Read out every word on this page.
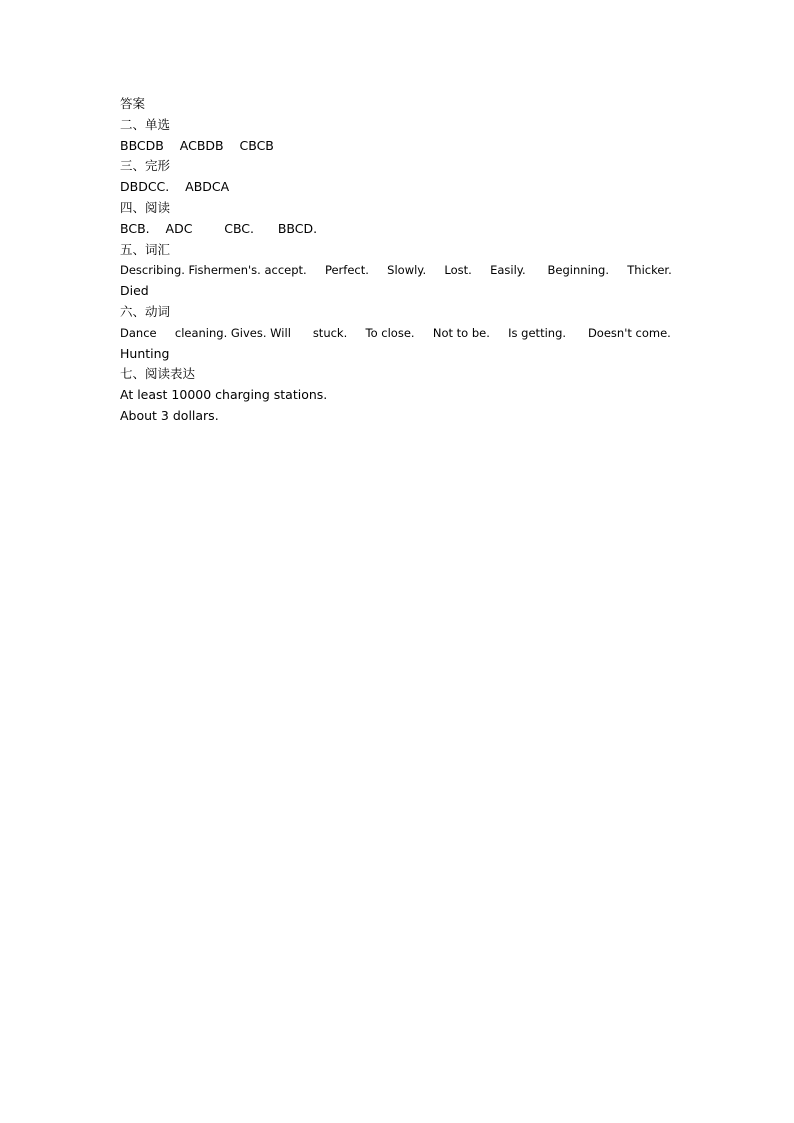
答案
二、单选
BBCDB    ACBDB    CBCB
三、完形
DBDCC.    ABDCA
四、阅读
BCB.    ADC        CBC.      BBCD.
五、词汇
Describing. Fishermen's. accept.     Perfect.     Slowly.     Lost.     Easily.      Beginning.     Thicker.
Died
六、动词
Dance     cleaning. Gives. Will      stuck.     To close.     Not to be.     Is getting.      Doesn't come.
Hunting
七、阅读表达
At least 10000 charging stations.
About 3 dollars.
